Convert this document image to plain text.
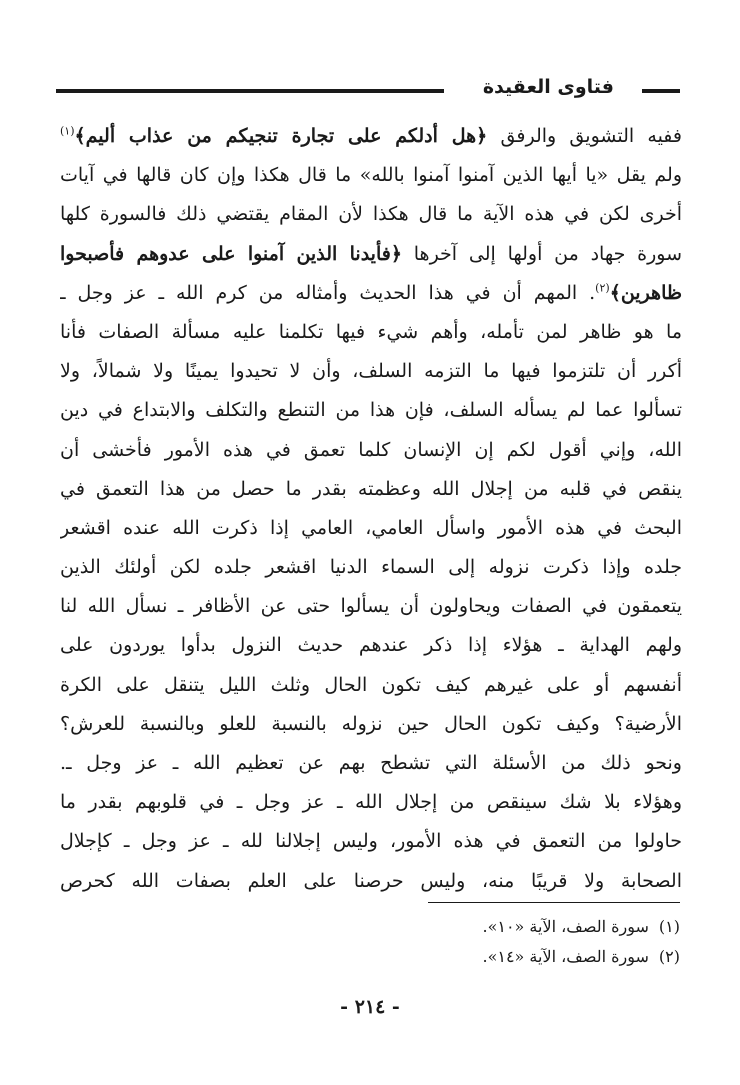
فتاوى العقيدة
ففيه التشويق والرفق ﴿هل أدلكم على تجارة تنجيكم من عذاب أليم﴾$^{(١)}$
ولم يقل «يا أيها الذين آمنوا آمنوا بالله» ما قال هكذا وإن كان قالها في آيات
أخرى لكن في هذه الآية ما قال هكذا لأن المقام يقتضي ذلك فالسورة كلها
سورة جهاد من أولها إلى آخرها ﴿فأيدنا الذين آمنوا على عدوهم فأصبحوا
ظاهرين﴾$^{(٢)}$. المهم أن في هذا الحديث وأمثاله من كرم الله ـ عز وجل ـ
ما هو ظاهر لمن تأمله، وأهم شيء فيها تكلمنا عليه مسألة الصفات فأنا
أكرر أن تلتزموا فيها ما التزمه السلف، وأن لا تحيدوا يمينًا ولا شمالاً، ولا
تسألوا عما لم يسأله السلف، فإن هذا من التنطع والتكلف والابتداع في دين
الله، وإني أقول لكم إن الإنسان كلما تعمق في هذه الأمور فأخشى أن
ينقص في قلبه من إجلال الله وعظمته بقدر ما حصل من هذا التعمق في
البحث في هذه الأمور واسأل العامي، العامي إذا ذكرت الله عنده اقشعر
جلده وإذا ذكرت نزوله إلى السماء الدنيا اقشعر جلده لكن أولئك الذين
يتعمقون في الصفات ويحاولون أن يسألوا حتى عن الأظافر ـ نسأل الله لنا
ولهم الهداية ـ هؤلاء إذا ذكر عندهم حديث النزول بدأوا يوردون على
أنفسهم أو على غيرهم كيف تكون الحال وثلث الليل يتنقل على الكرة
الأرضية؟ وكيف تكون الحال حين نزوله بالنسبة للعلو وبالنسبة للعرش؟
ونحو ذلك من الأسئلة التي تشطح بهم عن تعظيم الله ـ عز وجل ـ.
وهؤلاء بلا شك سينقص من إجلال الله ـ عز وجل ـ في قلوبهم بقدر ما
حاولوا من التعمق في هذه الأمور، وليس إجلالنا لله ـ عز وجل ـ كإجلال
الصحابة ولا قريبًا منه، وليس حرصنا على العلم بصفات الله كحرص
(١)سورة الصف، الآية «١٠».
(٢)سورة الصف، الآية «١٤».
- ٢١٤ -
